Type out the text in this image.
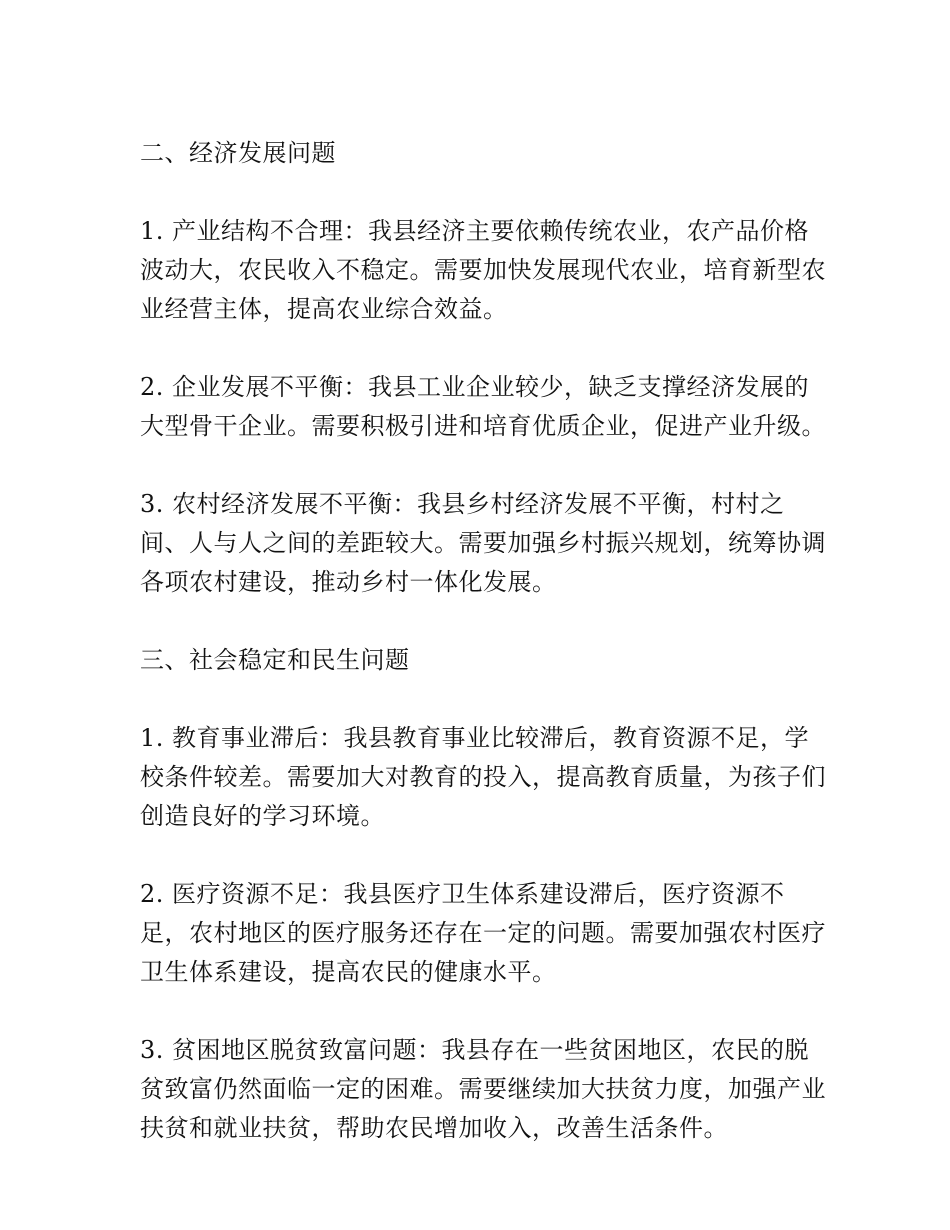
二、经济发展问题
1. 产业结构不合理：我县经济主要依赖传统农业，农产品价格波动大，农民收入不稳定。需要加快发展现代农业，培育新型农业经营主体，提高农业综合效益。
2. 企业发展不平衡：我县工业企业较少，缺乏支撑经济发展的大型骨干企业。需要积极引进和培育优质企业，促进产业升级。
3. 农村经济发展不平衡：我县乡村经济发展不平衡，村村之间、人与人之间的差距较大。需要加强乡村振兴规划，统筹协调各项农村建设，推动乡村一体化发展。
三、社会稳定和民生问题
1. 教育事业滞后：我县教育事业比较滞后，教育资源不足，学校条件较差。需要加大对教育的投入，提高教育质量，为孩子们创造良好的学习环境。
2. 医疗资源不足：我县医疗卫生体系建设滞后，医疗资源不足，农村地区的医疗服务还存在一定的问题。需要加强农村医疗卫生体系建设，提高农民的健康水平。
3. 贫困地区脱贫致富问题：我县存在一些贫困地区，农民的脱贫致富仍然面临一定的困难。需要继续加大扶贫力度，加强产业扶贫和就业扶贫，帮助农民增加收入，改善生活条件。
